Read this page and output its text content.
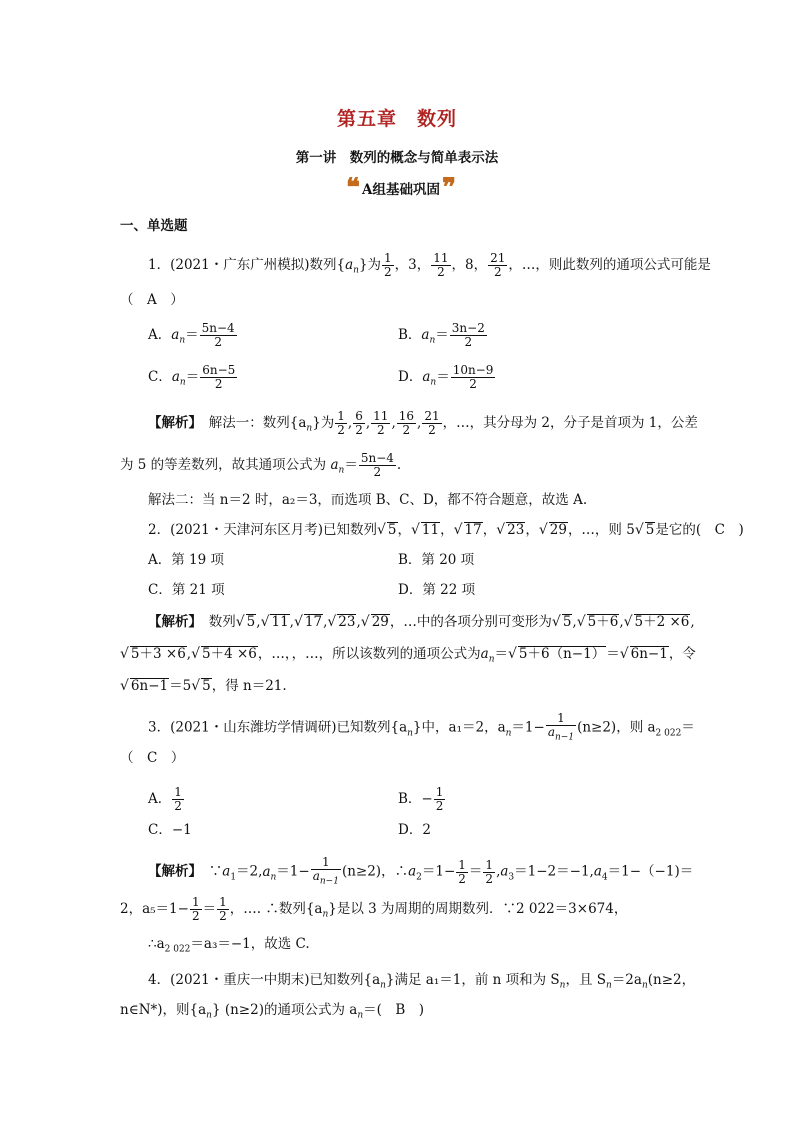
第五章　数列
第一讲　数列的概念与简单表示法
❝ A组基础巩固 ❞
一、单选题
1．(2021・广东广州模拟)数列$\{a_n\}$为 $\frac{1}{2}$ ，3， $\frac{11}{2}$ ，8， $\frac{21}{2}$ ，…，则此数列的通项公式可能是
（　A　）
A．$a_n= \frac{5n-4}{2}$	B．$a_n= \frac{3n-2}{2}$
C．$a_n= \frac{6n-5}{2}$	D．$a_n= \frac{10n-9}{2}$
【解析】　 解法一：数列$\{a_n\}$为 $\frac{1}{2}$ , $\frac{6}{2}$ , $\frac{11}{2}$ , $\frac{16}{2}$ , $\frac{21}{2}$ ，…，其分母为 2，分子是首项为 1，公差
为 5 的等差数列，故其通项公式为 $a_n= \frac{5n-4}{2}$ .
解法二：当 n＝2 时，a₂＝3，而选项 B、C、D，都不符合题意，故选 A.
2．(2021・天津河东区月考)已知数列√ 5，√ 11，√ 17，√ 23，√ 29，…，则 5√ 5是它的(　C　)
A．第 19 项	B．第 20 项
C．第 21 项	D．第 22 项
【解析】　 数列√ 5,√ 11,√ 17,√ 23,√ 29，…中的各项分别可变形为√ 5,√ 5＋6,√ 5＋2 ×6,
√ 5＋3 ×6,√ 5＋4 ×6，…，，…，所以该数列的通项公式为$a_n=√$ 5＋6（n−1）＝√ 6n−1，令
√ 6n−1＝5√ 5，得 n＝21.
3．(2021・山东潍坊学情调研)已知数列$\{a_n\}$中，a₁＝2，$a_n=1- \frac{1}{a_{n-1}} (n\ge 2)$，则 $a_{2 022}=$
（　C　）
A． $\frac{1}{2}$	B．− $\frac{1}{2}$
C．−1	D．2
【解析】　$\because a_1=2,a_n=1- \frac{1}{a_{n-1}} (n\ge 2)$，$\therefore a_2=1- \frac{1}{2} = \frac{1}{2} ,a_3=1-2=-1,a_4=1-(-1)=$
2，$a_5=1- \frac{1}{2} = \frac{1}{2}$ ，…. ∴数列$\{a_n\}$是以 3 为周期的周期数列．∵2 022＝3×674，
$\therefore a_{2 022}=a_3=-1$，故选 C.
4．(2021・重庆一中期末)已知数列$\{a_n\}$满足 a₁＝1，前 n 项和为 $S_n$，且 $S_n=2a_n(n\ge 2$，
n∈N*)，则$\{a_n\}$ (n≥2)的通项公式为 $a_n=$(　B　)
